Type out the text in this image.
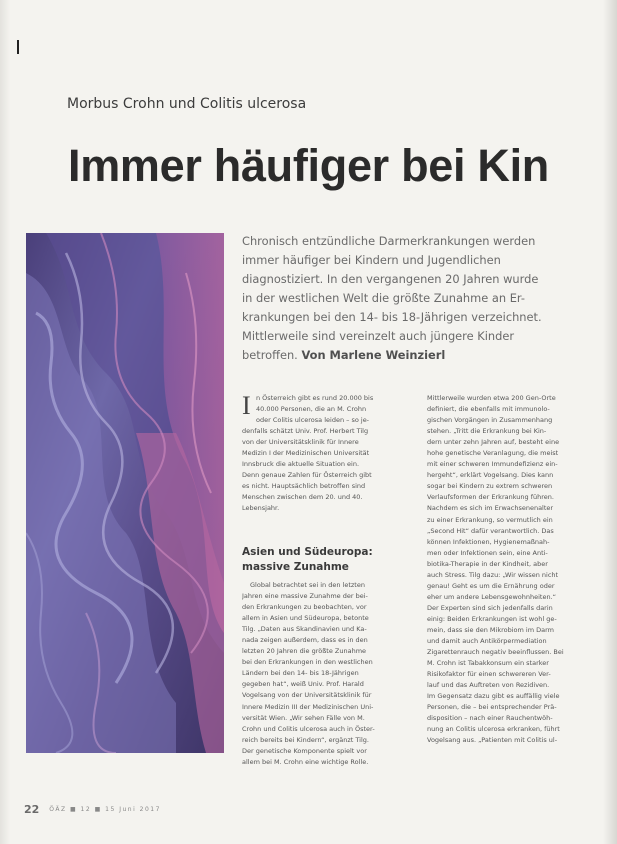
Morbus Crohn und Colitis ulcerosa
Immer häufiger bei Kin
Chronisch entzündliche Darmerkrankungen werden
immer häufiger bei Kindern und Jugendlichen
diagnostiziert. In den vergangenen 20 Jahren wurde
in der westlichen Welt die größte Zunahme an Er-
krankungen bei den 14- bis 18-Jährigen verzeichnet.
Mittlerweile sind vereinzelt auch jüngere Kinder
betroffen. Von Marlene Weinzierl
I n Österreich gibt es rund 20.000 bis
40.000 Personen, die an M. Crohn
oder Colitis ulcerosa leiden – so je-
denfalls schätzt Univ. Prof. Herbert Tilg
von der Universitätsklinik für Innere
Medizin I der Medizinischen Universität
Innsbruck die aktuelle Situation ein.
Denn genaue Zahlen für Österreich gibt
es nicht. Hauptsächlich betroffen sind
Menschen zwischen dem 20. und 40.
Lebensjahr.
Asien und Südeuropa:
massive Zunahme
Global betrachtet sei in den letzten
Jahren eine massive Zunahme der bei-
den Erkrankungen zu beobachten, vor
allem in Asien und Südeuropa, betonte
Tilg. „Daten aus Skandinavien und Ka-
nada zeigen außerdem, dass es in den
letzten 20 Jahren die größte Zunahme
bei den Erkrankungen in den westlichen
Ländern bei den 14- bis 18-Jährigen
gegeben hat“, weiß Univ. Prof. Harald
Vogelsang von der Universitätsklinik für
Innere Medizin III der Medizinischen Uni-
versität Wien. „Wir sehen Fälle von M.
Crohn und Colitis ulcerosa auch in Öster-
reich bereits bei Kindern“, ergänzt Tilg.
Der genetische Komponente spielt vor
allem bei M. Crohn eine wichtige Rolle.
Mittlerweile wurden etwa 200 Gen-Orte
definiert, die ebenfalls mit immunolo-
gischen Vorgängen in Zusammenhang
stehen. „Tritt die Erkrankung bei Kin-
dern unter zehn Jahren auf, besteht eine
hohe genetische Veranlagung, die meist
mit einer schweren Immundefizienz ein-
hergeht“, erklärt Vogelsang. Dies kann
sogar bei Kindern zu extrem schweren
Verlaufsformen der Erkrankung führen.
Nachdem es sich im Erwachsenenalter
zu einer Erkrankung, so vermutlich ein
„Second Hit“ dafür verantwortlich. Das
können Infektionen, Hygienemaßnah-
men oder Infektionen sein, eine Anti-
biotika-Therapie in der Kindheit, aber
auch Stress. Tilg dazu: „Wir wissen nicht
genau! Geht es um die Ernährung oder
eher um andere Lebensgewohnheiten.“
Der Experten sind sich jedenfalls darin
einig: Beiden Erkrankungen ist wohl ge-
mein, dass sie den Mikrobiom im Darm
und damit auch Antikörpermediation
Zigarettenrauch negativ beeinflussen. Bei
M. Crohn ist Tabakkonsum ein starker
Risikofaktor für einen schwereren Ver-
lauf und das Auftreten von Rezidiven.
Im Gegensatz dazu gibt es auffällig viele
Personen, die – bei entsprechender Prä-
disposition – nach einer Rauchentwöh-
nung an Colitis ulcerosa erkranken, führt
Vogelsang aus. „Patienten mit Colitis ul-
22 ÖÄZ ■ 12 ■ 15 Juni 2017
